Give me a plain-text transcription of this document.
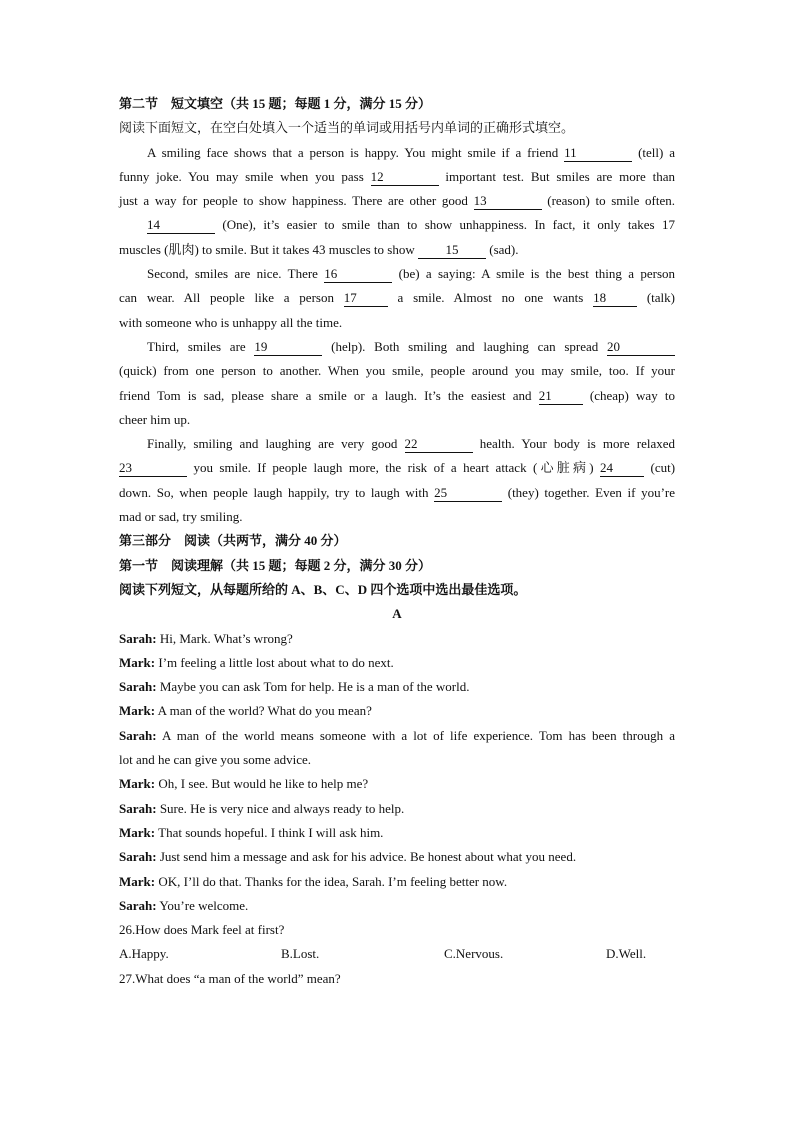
第二节　短文填空（共 15 题；每题 1 分，满分 15 分）
阅读下面短文，在空白处填入一个适当的单词或用括号内单词的正确形式填空。
A smiling face shows that a person is happy. You might smile if a friend 11	(tell) a
funny joke. You may smile when you pass 12	important test. But smiles are more than
just a way for people to show happiness. There are other good 13	(reason) to smile often.
14	(One), it’s easier to smile than to show unhappiness. In fact, it only takes 17
muscles (肌肉) to smile. But it takes 43 muscles to show 15 (sad).
Second, smiles are nice. There 16	(be) a saying: A smile is the best thing a person
can wear. All people like a person 17	a smile. Almost no one wants 18	(talk)
with someone who is unhappy all the time.
Third, smiles are 19	(help). Both smiling and laughing can spread 20
(quick) from one person to another. When you smile, people around you may smile, too. If your
friend Tom is sad, please share a smile or a laugh. It’s the easiest and 21	(cheap) way to
cheer him up.
Finally, smiling and laughing are very good 22	health. Your body is more relaxed
23	you smile. If people laugh more, the risk of a heart attack (心脏病) 24	(cut)
down. So, when people laugh happily, try to laugh with 25	(they) together. Even if you’re
mad or sad, try smiling.
第三部分　阅读（共两节，满分 40 分）
第一节　阅读理解（共 15 题；每题 2 分，满分 30 分）
阅读下列短文，从每题所给的 A、B、C、D 四个选项中选出最佳选项。
A
Sarah: Hi, Mark. What’s wrong?
Mark: I’m feeling a little lost about what to do next.
Sarah: Maybe you can ask Tom for help. He is a man of the world.
Mark: A man of the world? What do you mean?
Sarah: A man of the world means someone with a lot of life experience. Tom has been through a
lot and he can give you some advice.
Mark: Oh, I see. But would he like to help me?
Sarah: Sure. He is very nice and always ready to help.
Mark: That sounds hopeful. I think I will ask him.
Sarah: Just send him a message and ask for his advice. Be honest about what you need.
Mark: OK, I’ll do that. Thanks for the idea, Sarah. I’m feeling better now.
Sarah: You’re welcome.
26.How does Mark feel at first?
A.Happy.	B.Lost.	C.Nervous.	D.Well.
27.What does “a man of the world” mean?
